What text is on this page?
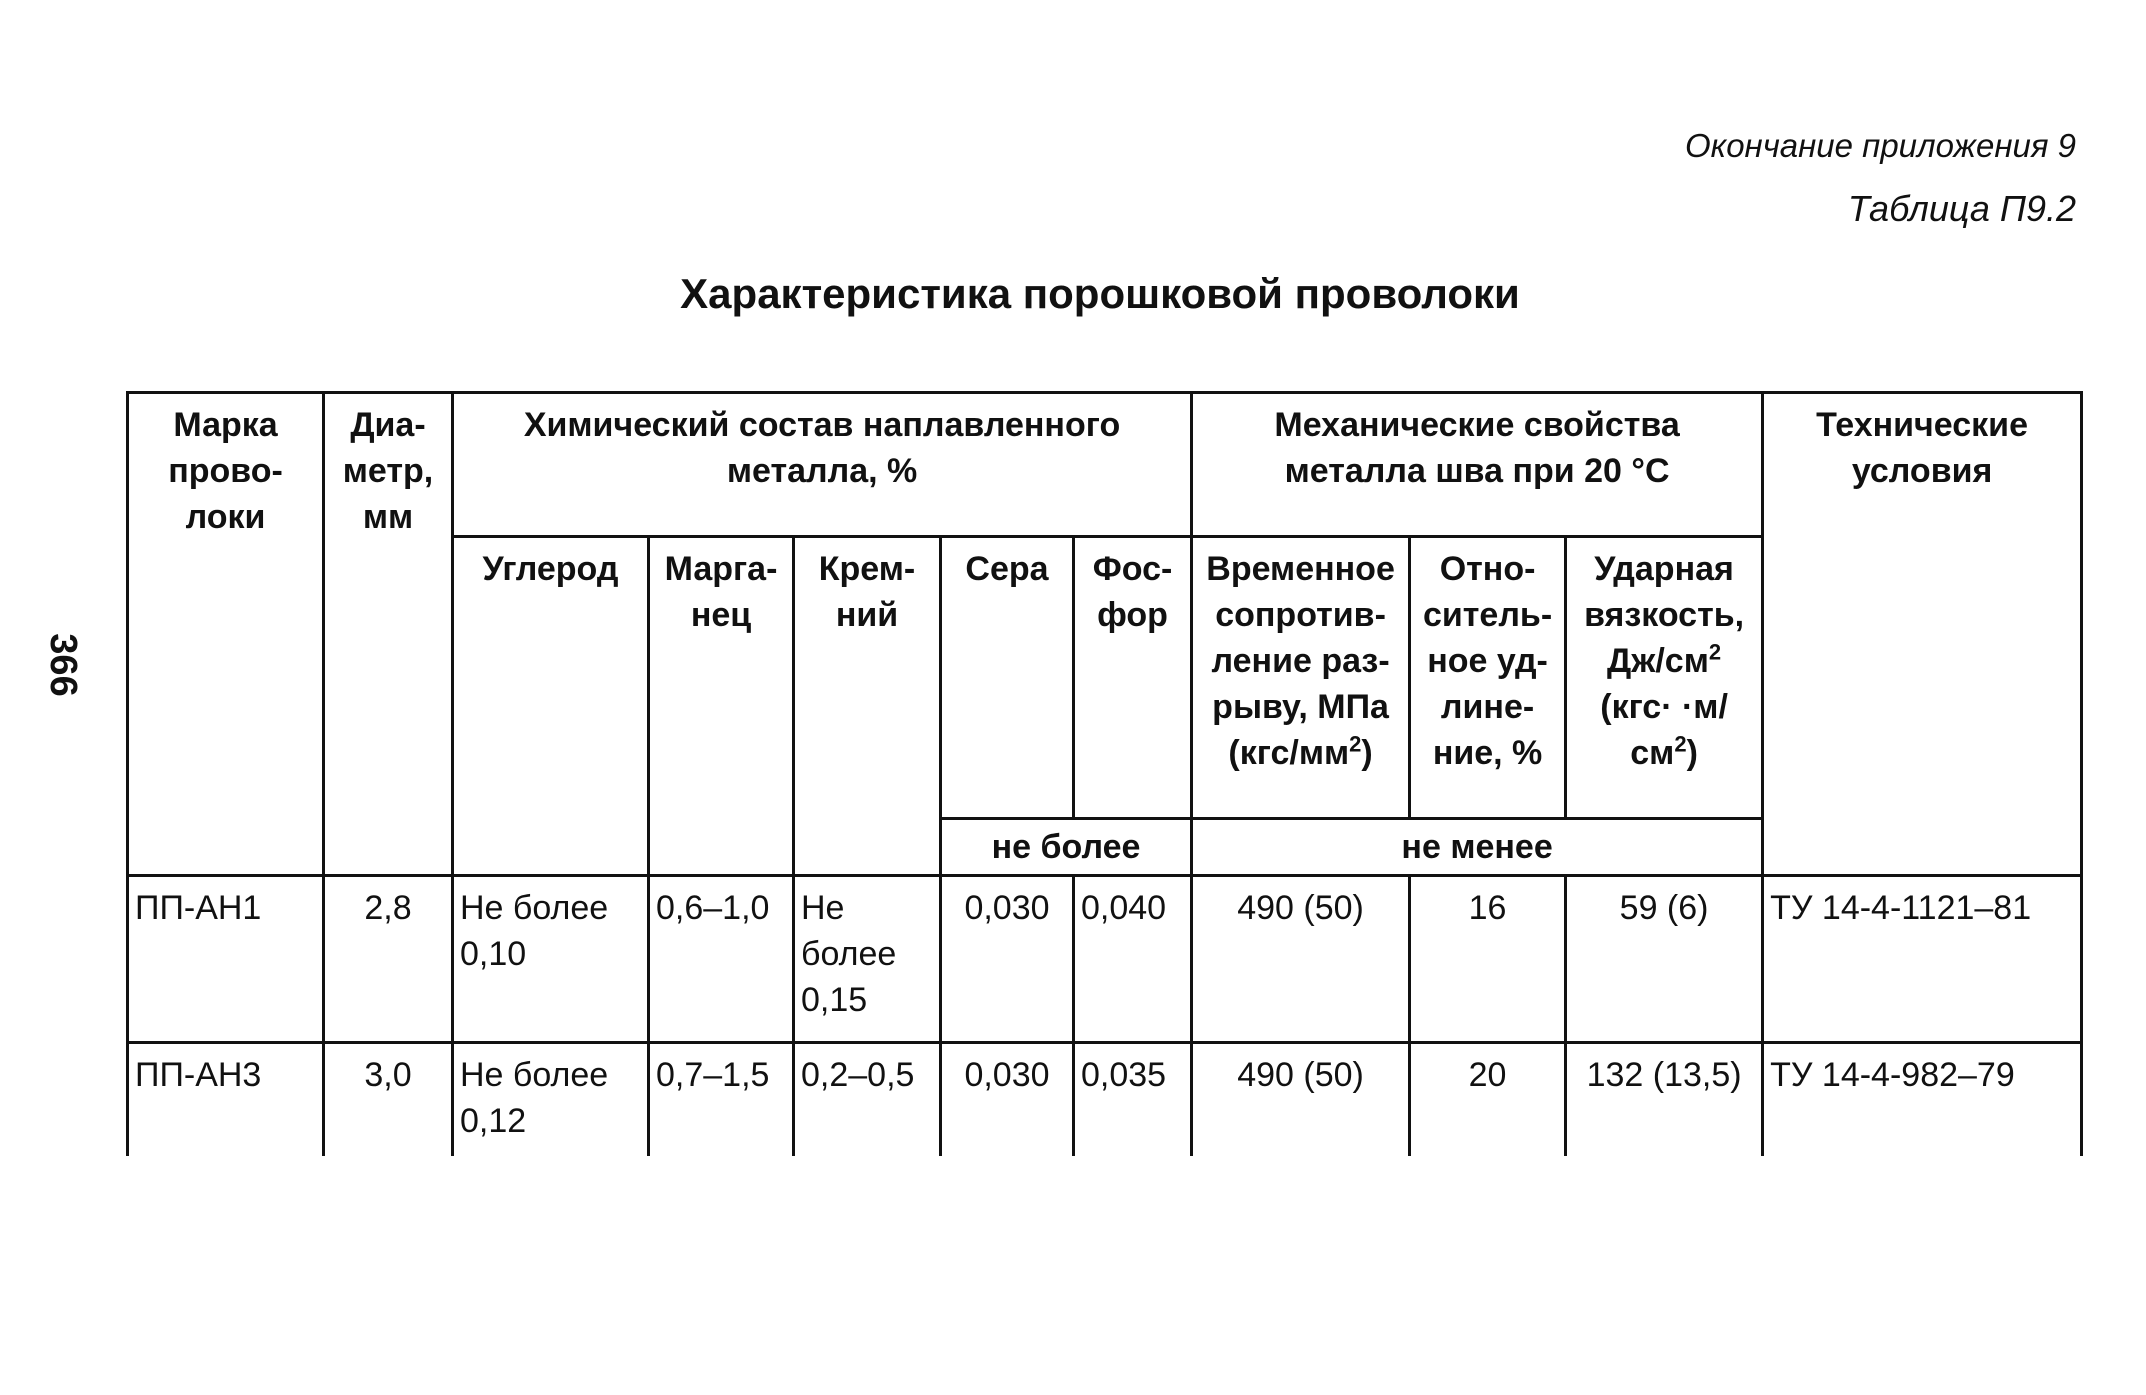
366
Окончание приложения 9
Таблица П9.2
Характеристика порошковой проволоки
Марка прово-локи	Диа-метр, мм	Химический состав наплавленного металла, %					Механические свойства металла шва при 20 °С			Технические условия
		Углерод	Марга-нец	Крем-ний	Сера	Фос-фор	Временное сопротив-ление раз-рыву, МПа $(кгс/мм^2)$	Отно-ситель-ное уд-лине-ние, %	Ударная вязкость, $Дж/см^2$
$(кгс\cdot \cdot м/см^2)$	
					не более		не менее			
ПП-АН1	2,8	Не более 0,10	0,6–1,0	Не более 0,15	0,030	0,040	490 (50)	16	59 (6)	ТУ 14-4-1121–81
ПП-АН3	3,0	Не более 0,12	0,7–1,5	0,2–0,5	0,030	0,035	490 (50)	20	132 (13,5)	ТУ 14-4-982–79
